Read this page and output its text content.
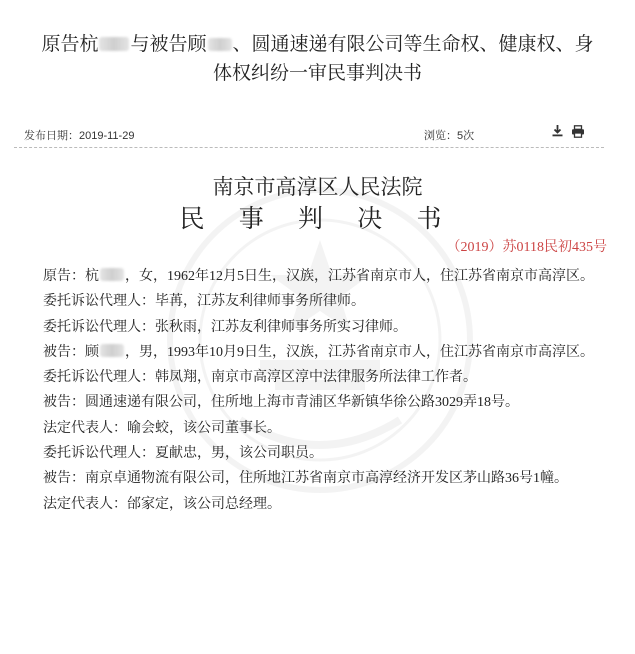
原告杭 与被告顾 、圆通速递有限公司等生命权、健康权、身
体权纠纷一审民事判决书
发布日期：2019-11-29	浏览：5次
南京市高淳区人民法院
民 事 判 决 书
（2019）苏0118民初435号

原告：杭 ，女，1962年12月5日生，汉族，江苏省南京市人，住江苏省南京市高淳区。

委托诉讼代理人：毕苒，江苏友利律师事务所律师。

委托诉讼代理人：张秋雨，江苏友利律师事务所实习律师。

被告：顾 ，男，1993年10月9日生，汉族，江苏省南京市人，住江苏省南京市高淳区。

委托诉讼代理人：韩凤翔，南京市高淳区淳中法律服务所法律工作者。

被告：圆通速递有限公司，住所地上海市青浦区华新镇华徐公路3029弄18号。

法定代表人：喻会蛟，该公司董事长。

委托诉讼代理人：夏献忠，男，该公司职员。

被告：南京卓通物流有限公司，住所地江苏省南京市高淳经济开发区茅山路36号1幢。

法定代表人：邰家定，该公司总经理。
